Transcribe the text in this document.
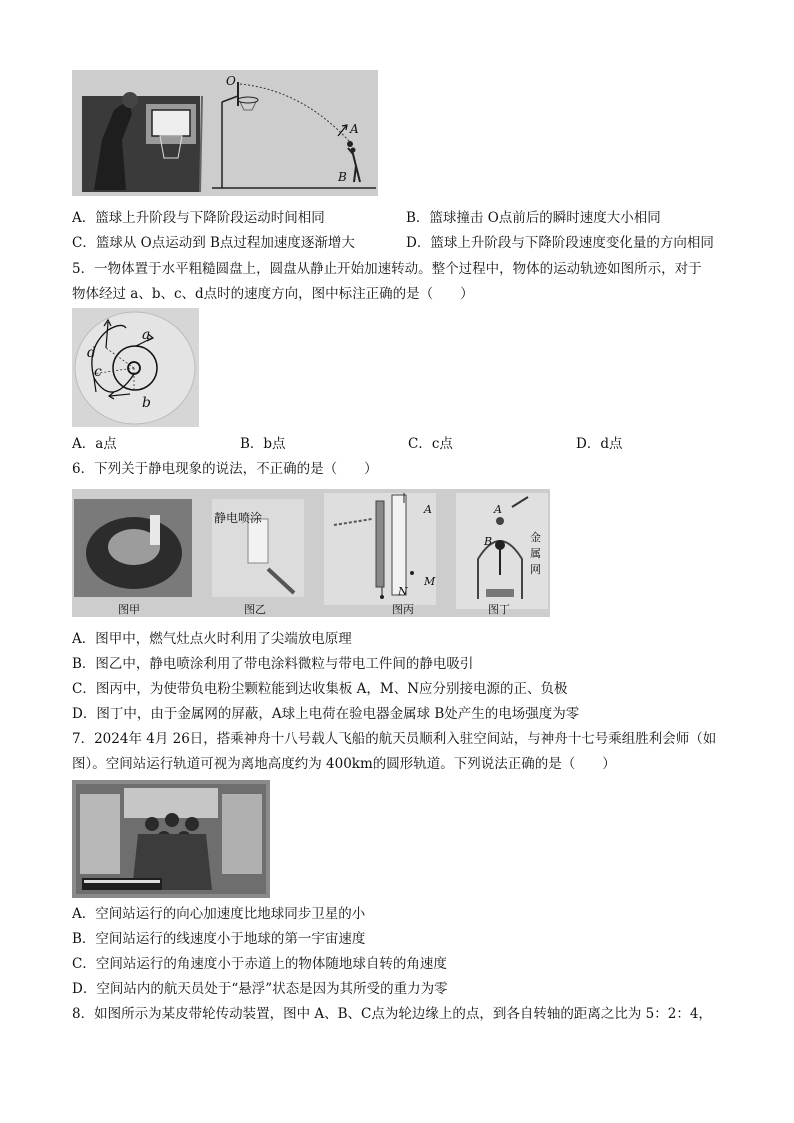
O
A
B
A．篮球上升阶段与下降阶段运动时间相同	B．篮球撞击 O点前后的瞬时速度大小相同
C．篮球从 O点运动到 B点过程加速度逐渐增大	D．篮球上升阶段与下降阶段速度变化量的方向相同
5．一物体置于水平粗糙圆盘上，圆盘从静止开始加速转动。整个过程中，物体的运动轨迹如图所示，对于
物体经过 a、b、c、d点时的速度方向，图中标注正确的是（　　）
a
d
c
b
A．a点	B．b点	C．c点	D．d点
6．下列关于静电现象的说法，不正确的是（　　）
图甲	图乙	图丙	图丁
静电喷涂
A
N
M
A
B	金
属
网
A．图甲中，燃气灶点火时利用了尖端放电原理
B．图乙中，静电喷涂利用了带电涂料微粒与带电工件间的静电吸引
C．图丙中，为使带负电粉尘颗粒能到达收集板 A，M、N应分别接电源的正、负极
D．图丁中，由于金属网的屏蔽，A球上电荷在验电器金属球 B处产生的电场强度为零
7．2024年 4月 26日，搭乘神舟十八号载人飞船的航天员顺利入驻空间站，与神舟十七号乘组胜利会师（如
图）。空间站运行轨道可视为离地高度约为 400km的圆形轨道。下列说法正确的是（　　）
A．空间站运行的向心加速度比地球同步卫星的小
B．空间站运行的线速度小于地球的第一宇宙速度
C．空间站运行的角速度小于赤道上的物体随地球自转的角速度
D．空间站内的航天员处于“悬浮”状态是因为其所受的重力为零
8．如图所示为某皮带轮传动装置，图中 A、B、C点为轮边缘上的点，到各自转轴的距离之比为 5：2：4，
